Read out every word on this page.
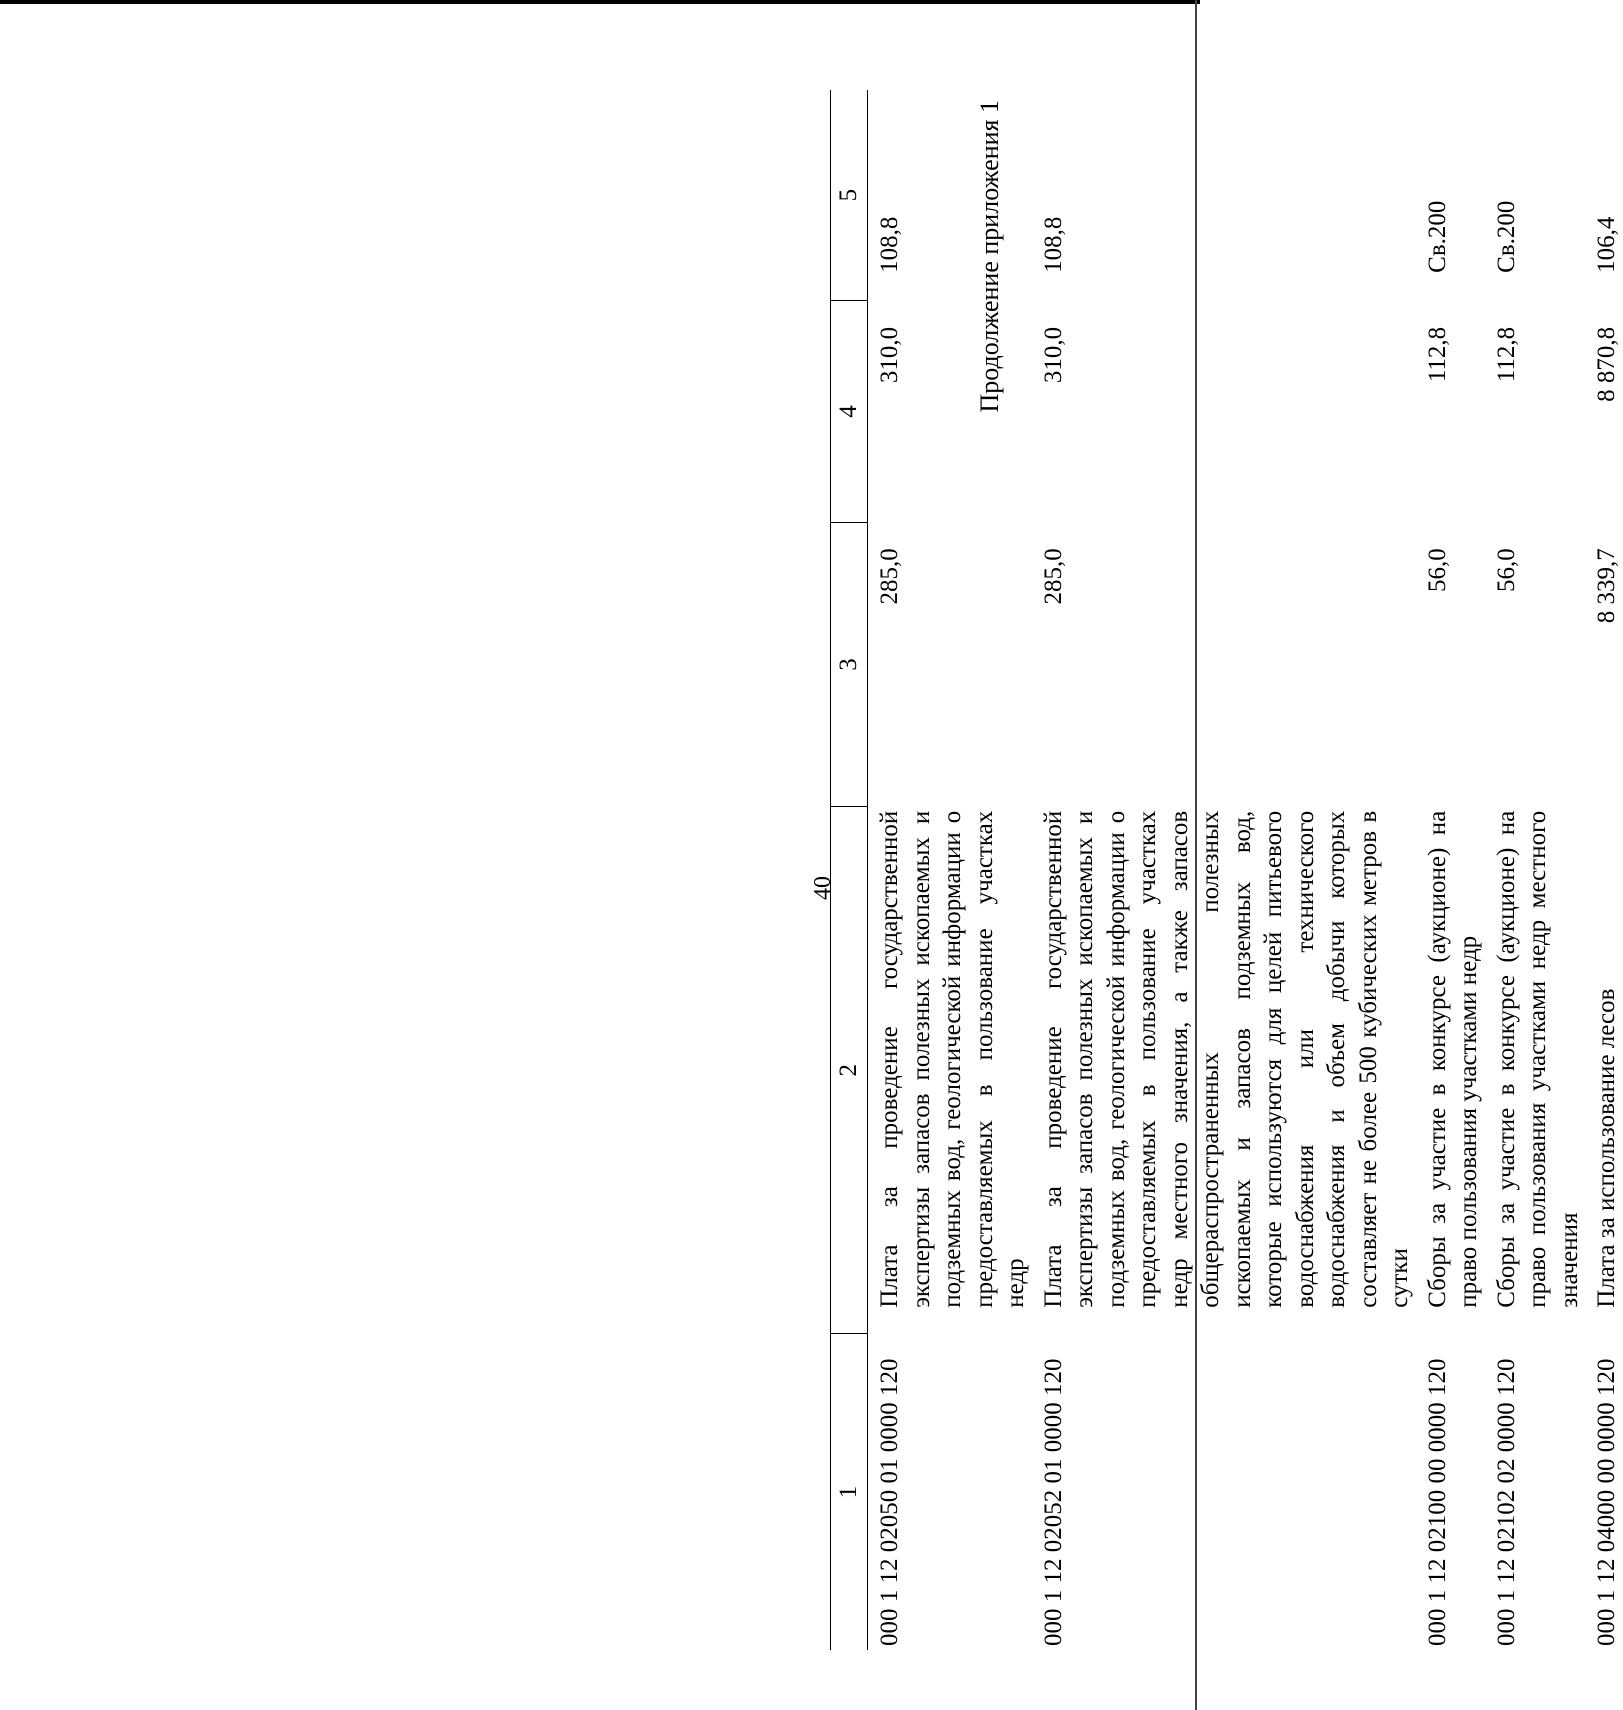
40
Продолжение приложения 1
1	2	3	4	5
000 1 12 02050 01 0000 120	Плата за проведение государственной экспертизы запасов полезных ископаемых и подземных вод, геологической информации о предоставляемых в пользование участках недр	285,0	310,0	108,8
000 1 12 02052 01 0000 120	Плата за проведение государственной экспертизы запасов полезных ископаемых и подземных вод, геологической информации о предоставляемых в пользование участках недр местного значения, а также запасов общераспространенных полезных ископаемых и запасов подземных вод, которые используются для целей питьевого водоснабжения или технического водоснабжения и объем добычи которых составляет не более 500 кубических метров в сутки	285,0	310,0	108,8
000 1 12 02100 00 0000 120	Сборы за участие в конкурсе (аукционе) на право пользования участками недр	56,0	112,8	Св.200
000 1 12 02102 02 0000 120	Сборы за участие в конкурсе (аукционе) на право пользования участками недр местного значения	56,0	112,8	Св.200
000 1 12 04000 00 0000 120	Плата за использование лесов	8 339,7	8 870,8	106,4
